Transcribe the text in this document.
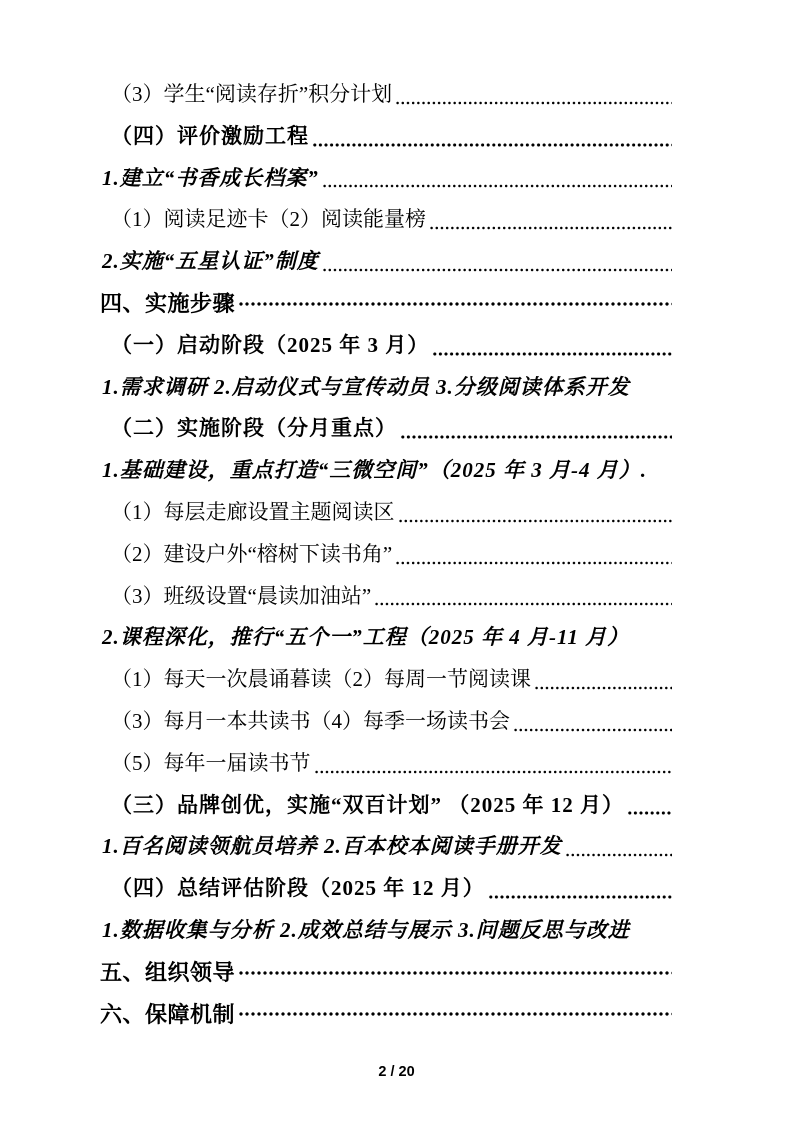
（3）学生“阅读存折”积分计划
（四）评价激励工程
1.建立“书香成长档案”
（1）阅读足迹卡（2）阅读能量榜
2.实施“五星认证”制度
四、实施步骤
（一）启动阶段（2025 年 3 月）
1.需求调研 2.启动仪式与宣传动员 3.分级阅读体系开发
（二）实施阶段（分月重点）
1.基础建设，重点打造“三微空间”（2025 年 3 月-4 月）.
（1）每层走廊设置主题阅读区
（2）建设户外“榕树下读书角”
（3）班级设置“晨读加油站”
2.课程深化，推行“五个一”工程（2025 年 4 月-11 月）
（1）每天一次晨诵暮读（2）每周一节阅读课
（3）每月一本共读书（4）每季一场读书会
（5）每年一届读书节
（三）品牌创优，实施“双百计划” （2025 年 12 月）
1.百名阅读领航员培养 2.百本校本阅读手册开发
（四）总结评估阶段（2025 年 12 月）
1.数据收集与分析 2.成效总结与展示 3.问题反思与改进
五、组织领导
六、保障机制
2 / 20
